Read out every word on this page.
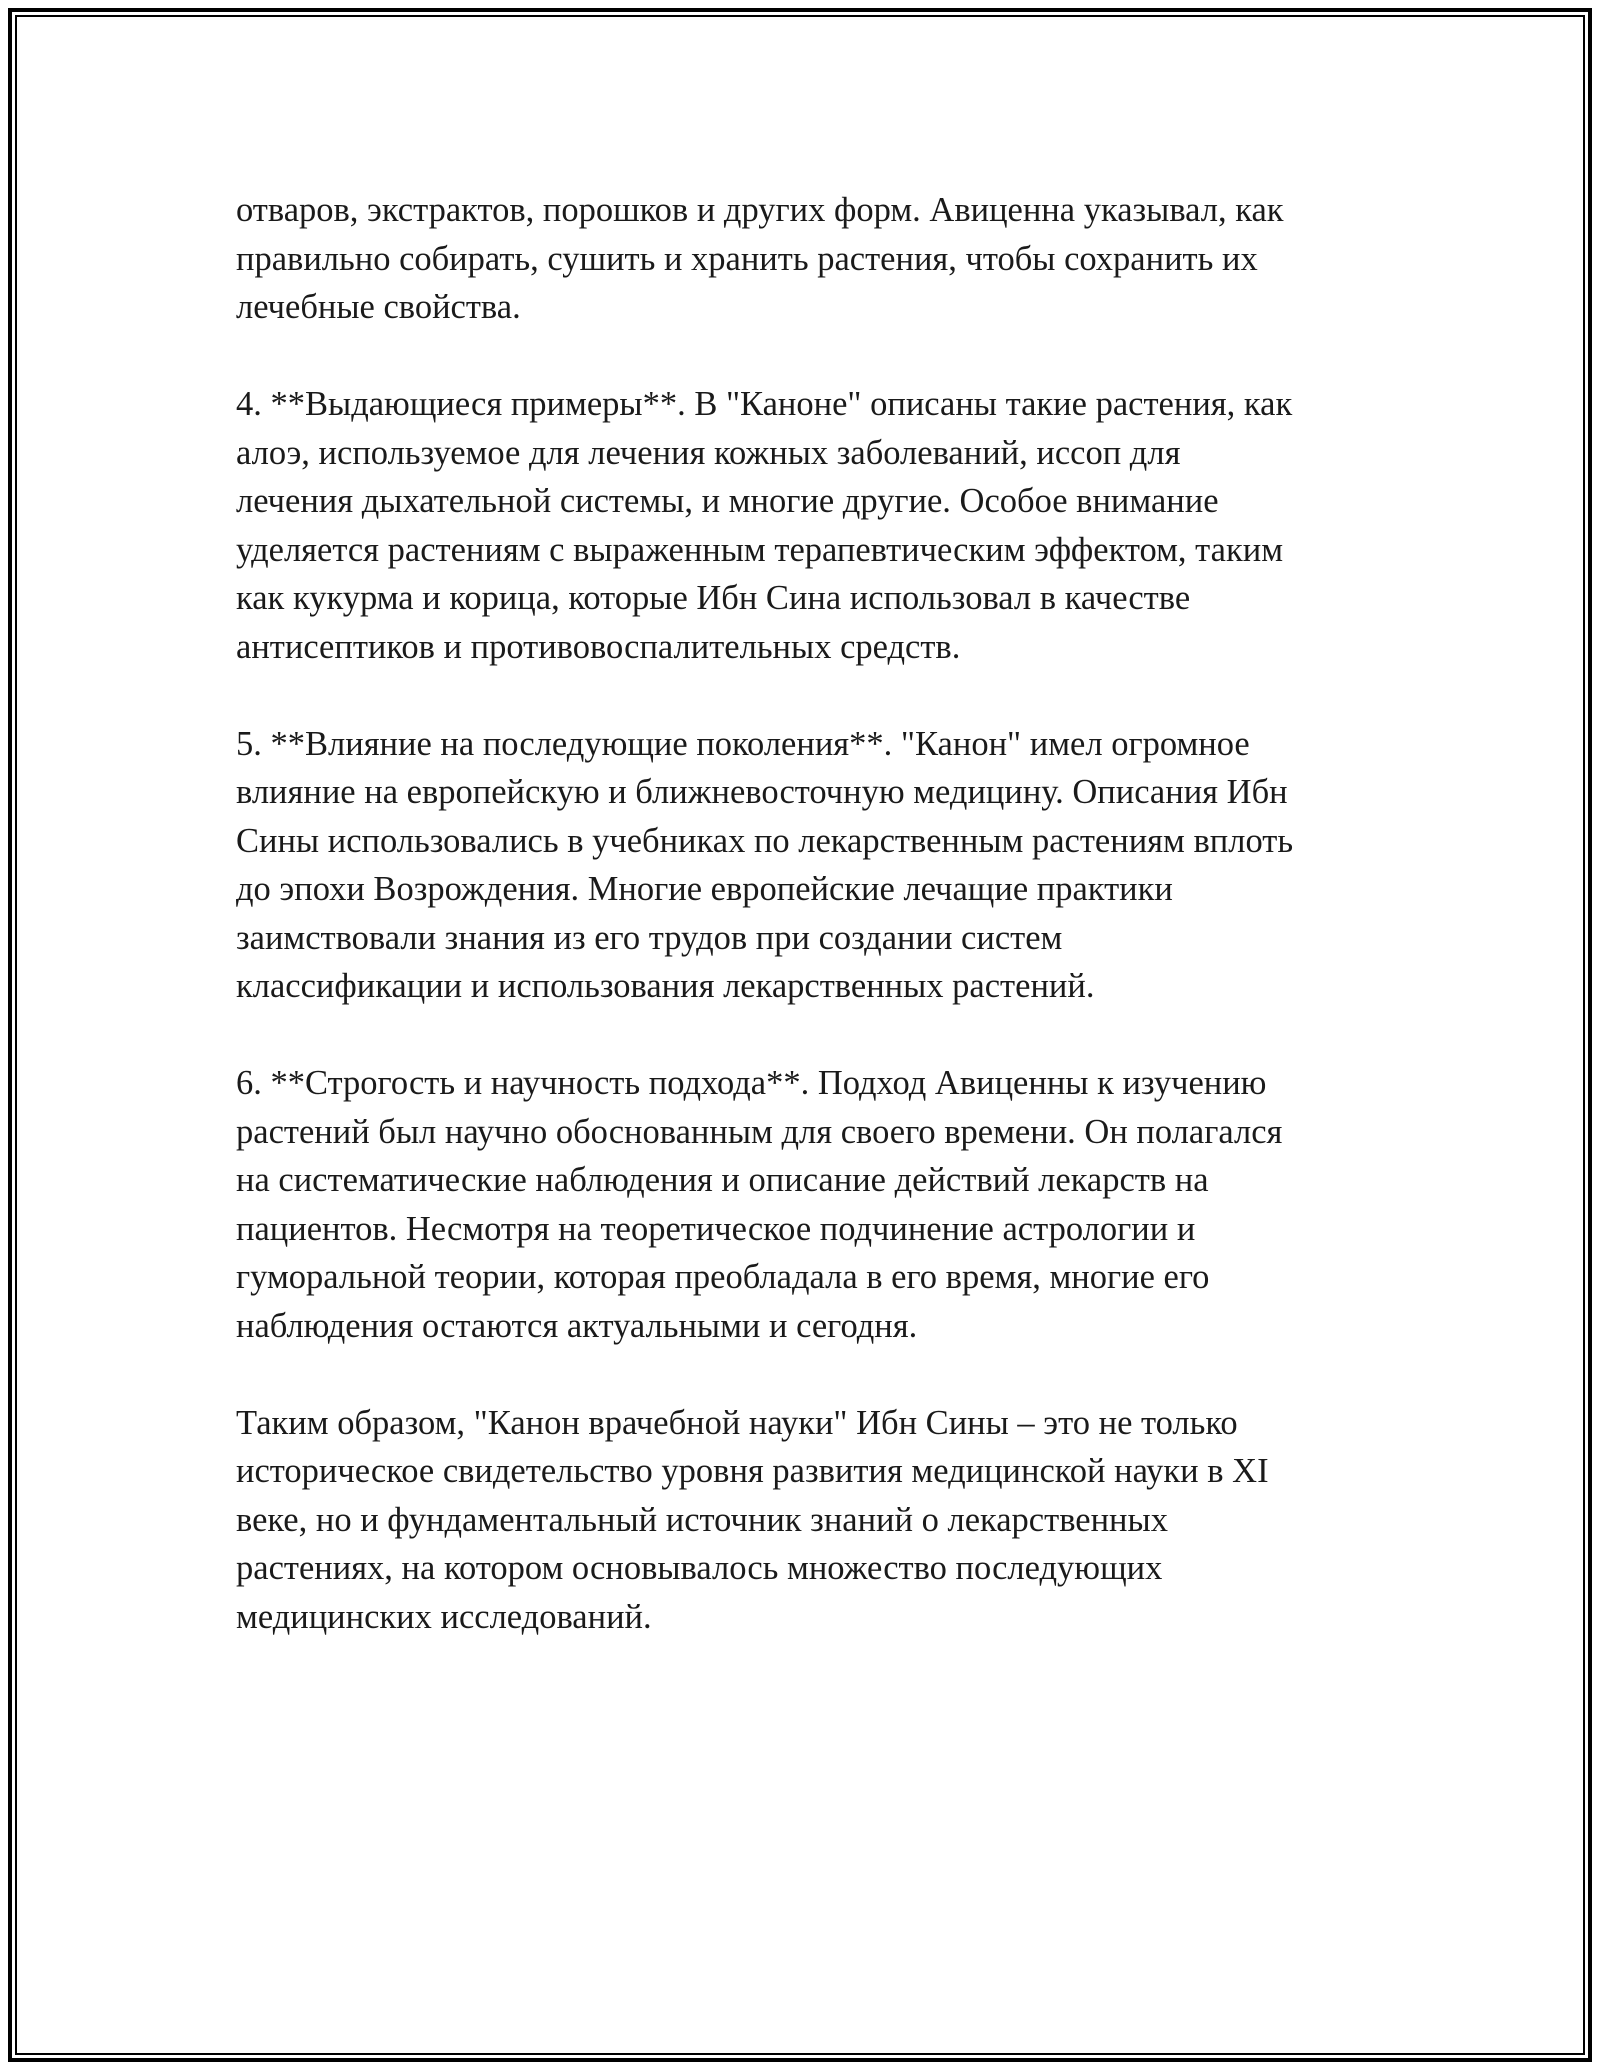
отваров, экстрактов, порошков и других форм. Авиценна указывал, как
правильно собирать, сушить и хранить растения, чтобы сохранить их
лечебные свойства.

4. **Выдающиеся примеры**. В "Каноне" описаны такие растения, как
алоэ, используемое для лечения кожных заболеваний, иссоп для
лечения дыхательной системы, и многие другие. Особое внимание
уделяется растениям с выраженным терапевтическим эффектом, таким
как кукурма и корица, которые Ибн Сина использовал в качестве
антисептиков и противовоспалительных средств.

5. **Влияние на последующие поколения**. "Канон" имел огромное
влияние на европейскую и ближневосточную медицину. Описания Ибн
Сины использовались в учебниках по лекарственным растениям вплоть
до эпохи Возрождения. Многие европейские лечащие практики
заимствовали знания из его трудов при создании систем
классификации и использования лекарственных растений.

6. **Строгость и научность подхода**. Подход Авиценны к изучению
растений был научно обоснованным для своего времени. Он полагался
на систематические наблюдения и описание действий лекарств на
пациентов. Несмотря на теоретическое подчинение астрологии и
гуморальной теории, которая преобладала в его время, многие его
наблюдения остаются актуальными и сегодня.

Таким образом, "Канон врачебной науки" Ибн Сины – это не только
историческое свидетельство уровня развития медицинской науки в XI
веке, но и фундаментальный источник знаний о лекарственных
растениях, на котором основывалось множество последующих
медицинских исследований.
